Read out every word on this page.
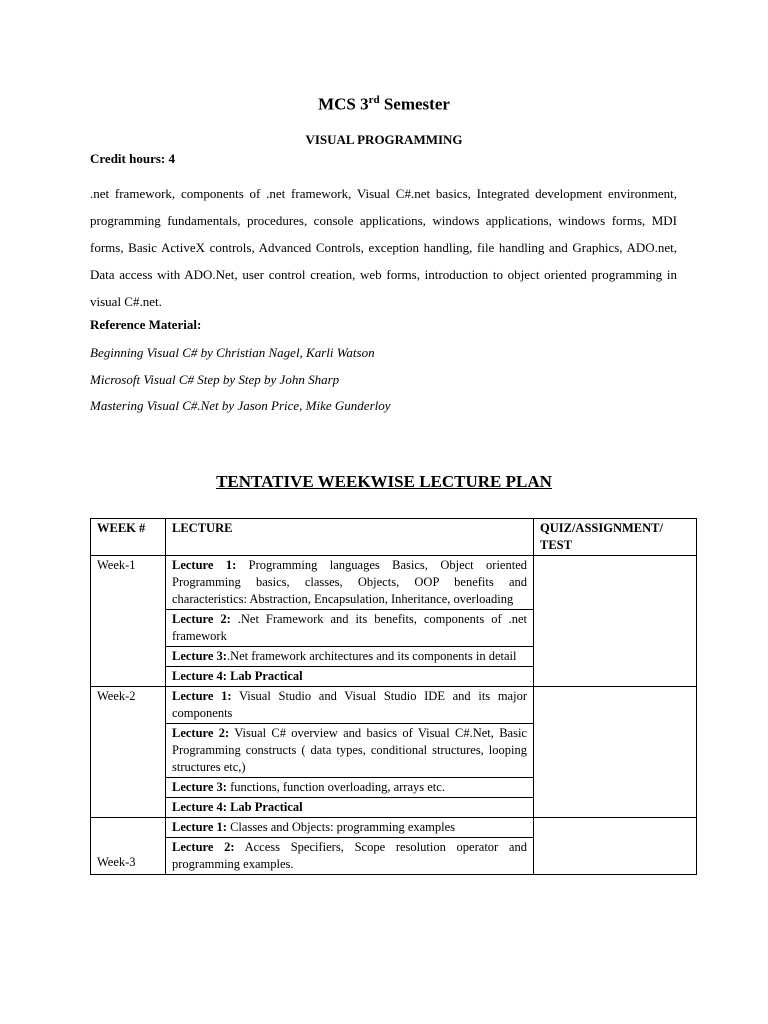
MCS 3rd Semester
VISUAL PROGRAMMING
Credit hours: 4
.net framework, components of .net framework, Visual C#.net basics, Integrated development environment, programming fundamentals, procedures, console applications, windows applications, windows forms, MDI forms, Basic ActiveX controls, Advanced Controls, exception handling, file handling and Graphics, ADO.net, Data access with ADO.Net, user control creation, web forms, introduction to object oriented programming in visual C#.net.
Reference Material:
Beginning Visual C# by Christian Nagel, Karli Watson
Microsoft Visual C# Step by Step by John Sharp
Mastering Visual C#.Net by Jason Price, Mike Gunderloy
TENTATIVE WEEKWISE LECTURE PLAN
WEEK #	LECTURE	QUIZ/ASSIGNMENT/ TEST
Week-1	Lecture 1: Programming languages Basics, Object oriented Programming basics, classes, Objects, OOP benefits and characteristics: Abstraction, Encapsulation, Inheritance, overloading	
	Lecture 2: .Net Framework and its benefits, components of .net framework	
	Lecture 3:.Net framework architectures and its components in detail	
	Lecture 4: Lab Practical	
Week-2	Lecture 1: Visual Studio and Visual Studio IDE and its major components	
	Lecture 2: Visual C# overview and basics of Visual C#.Net, Basic Programming constructs ( data types, conditional structures, looping structures etc,)	
	Lecture 3: functions, function overloading, arrays etc.	
	Lecture 4: Lab Practical	
Week-3	Lecture 1: Classes and Objects: programming examples	
	Lecture 2: Access Specifiers, Scope resolution operator and programming examples.	
